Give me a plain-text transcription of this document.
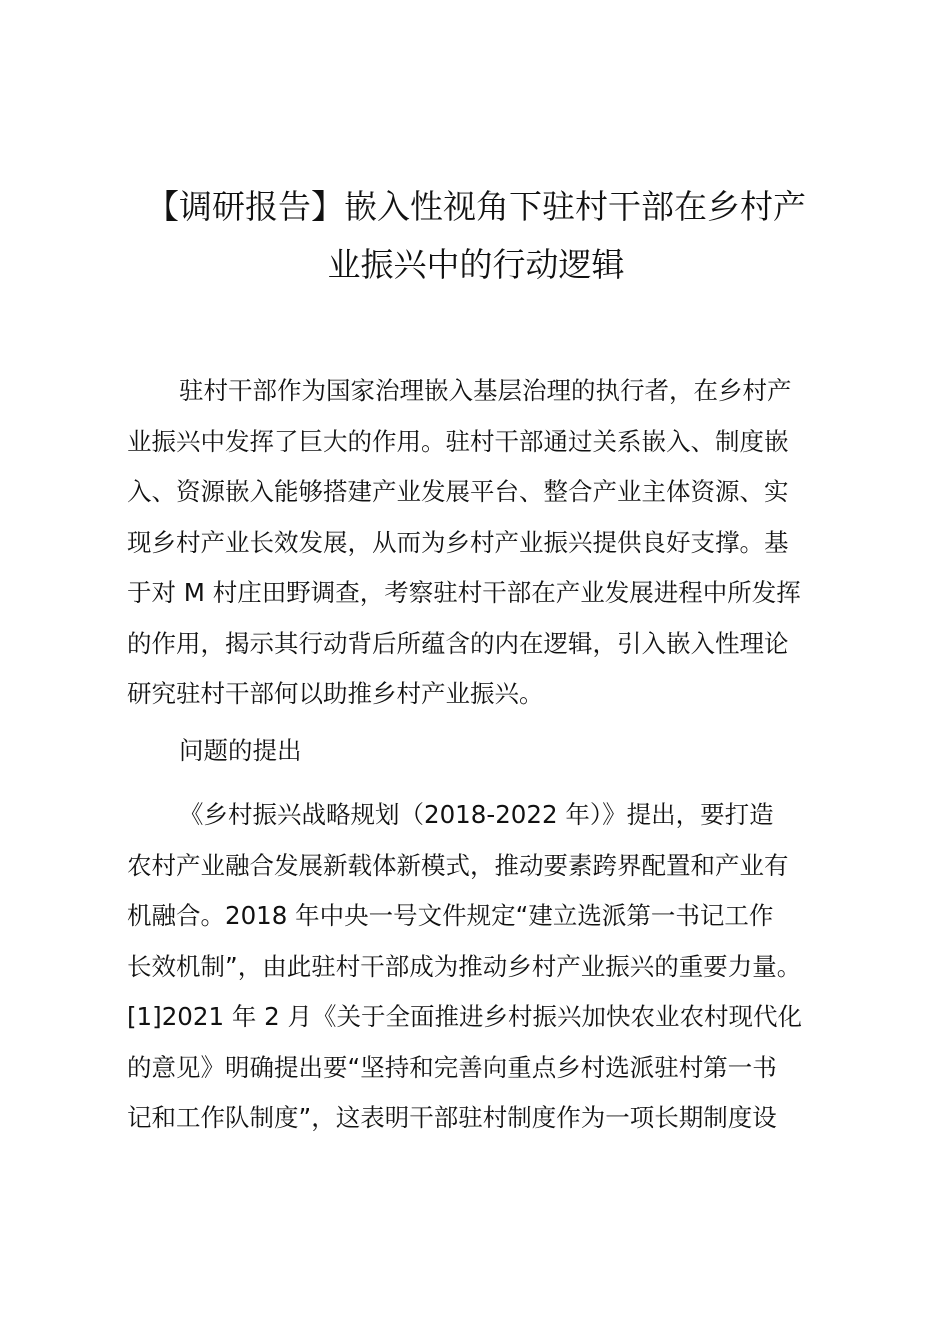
【调研报告】嵌入性视角下驻村干部在乡村产
业振兴中的行动逻辑
驻村干部作为国家治理嵌入基层治理的执行者，在乡村产
业振兴中发挥了巨大的作用。驻村干部通过关系嵌入、制度嵌
入、资源嵌入能够搭建产业发展平台、整合产业主体资源、实
现乡村产业长效发展，从而为乡村产业振兴提供良好支撑。基
于对 M 村庄田野调查，考察驻村干部在产业发展进程中所发挥
的作用，揭示其行动背后所蕴含的内在逻辑，引入嵌入性理论
研究驻村干部何以助推乡村产业振兴。
问题的提出
《乡村振兴战略规划（2018-2022 年）》提出，要打造
农村产业融合发展新载体新模式，推动要素跨界配置和产业有
机融合。2018 年中央一号文件规定“建立选派第一书记工作
长效机制”，由此驻村干部成为推动乡村产业振兴的重要力量。
[1]2021 年 2 月《关于全面推进乡村振兴加快农业农村现代化
的意见》明确提出要“坚持和完善向重点乡村选派驻村第一书
记和工作队制度”，这表明干部驻村制度作为一项长期制度设
